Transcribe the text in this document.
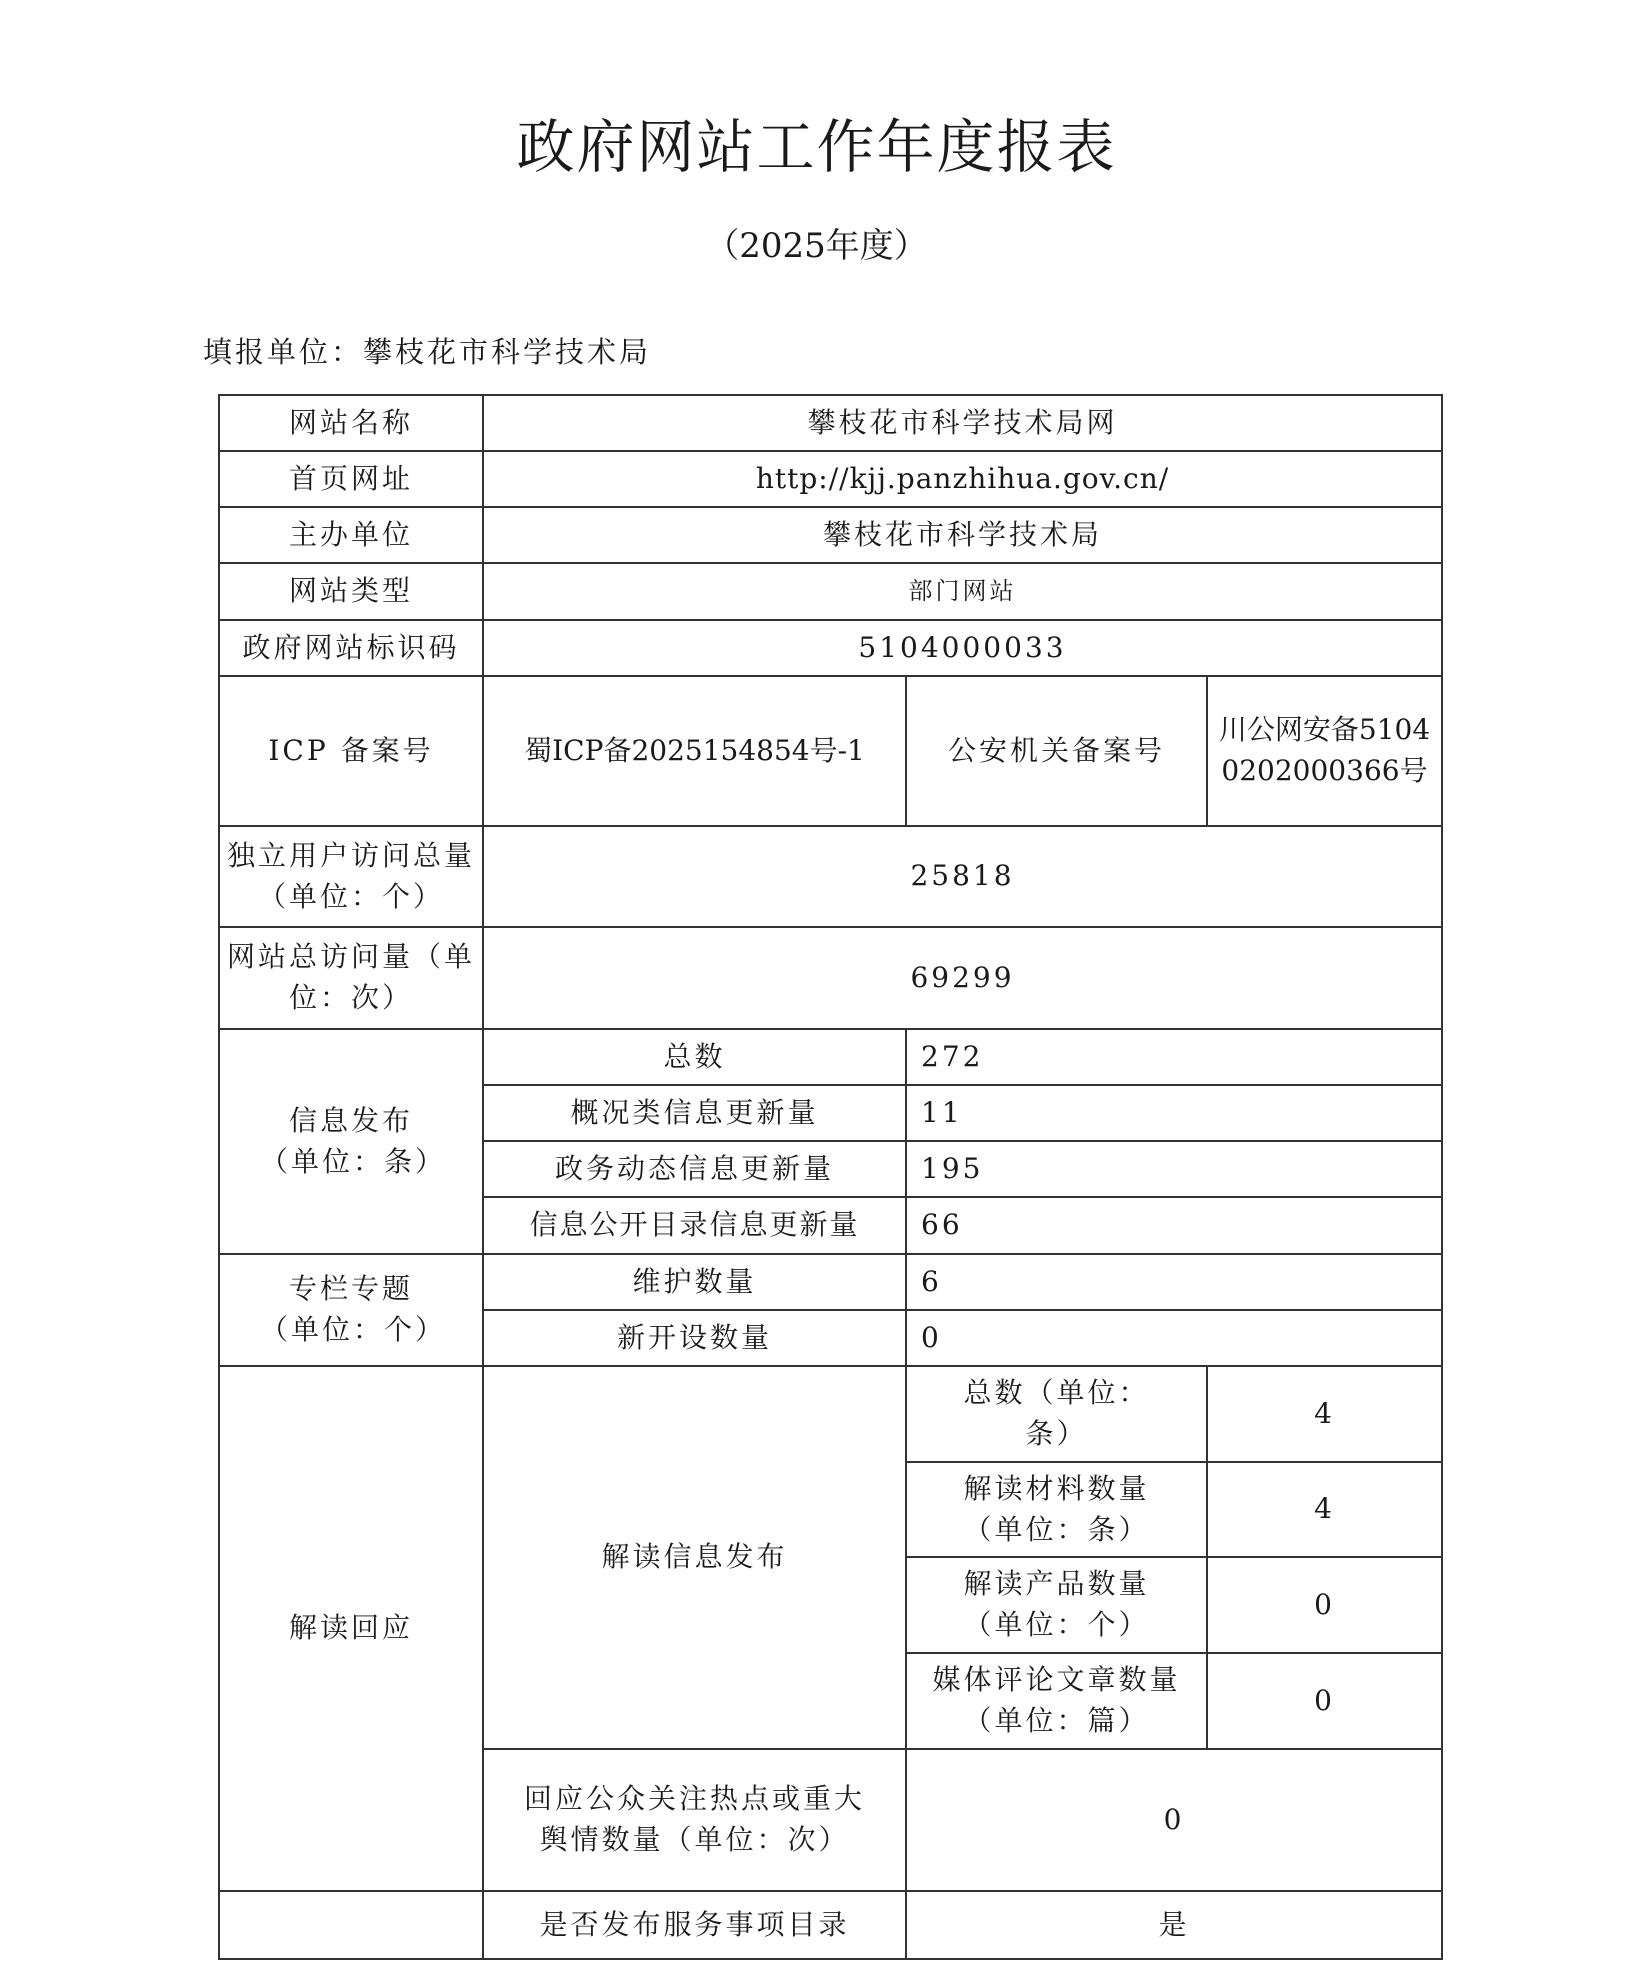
政府网站工作年度报表
（2025年度）
填报单位：攀枝花市科学技术局
网站名称	攀枝花市科学技术局网		
首页网址	http://kjj.panzhihua.gov.cn/		
主办单位	攀枝花市科学技术局		
网站类型	部门网站		
政府网站标识码	5104000033		
ICP 备案号	蜀ICP备2025154854号-1	公安机关备案号	川公网安备51040202000366号
独立用户访问总量（单位：个）	25818		
网站总访问量（单位：次）	69299		
信息发布（单位：条）	总数	272	
	概况类信息更新量	11	
	政务动态信息更新量	195	
	信息公开目录信息更新量	66	
专栏专题（单位：个）	维护数量	6	
	新开设数量	0	
解读回应	解读信息发布	总数（单位：条）	4
		解读材料数量（单位：条）	4
		解读产品数量（单位：个）	0
		媒体评论文章数量（单位：篇）	0
	回应公众关注热点或重大舆情数量（单位：次）	0	
	是否发布服务事项目录	是	
